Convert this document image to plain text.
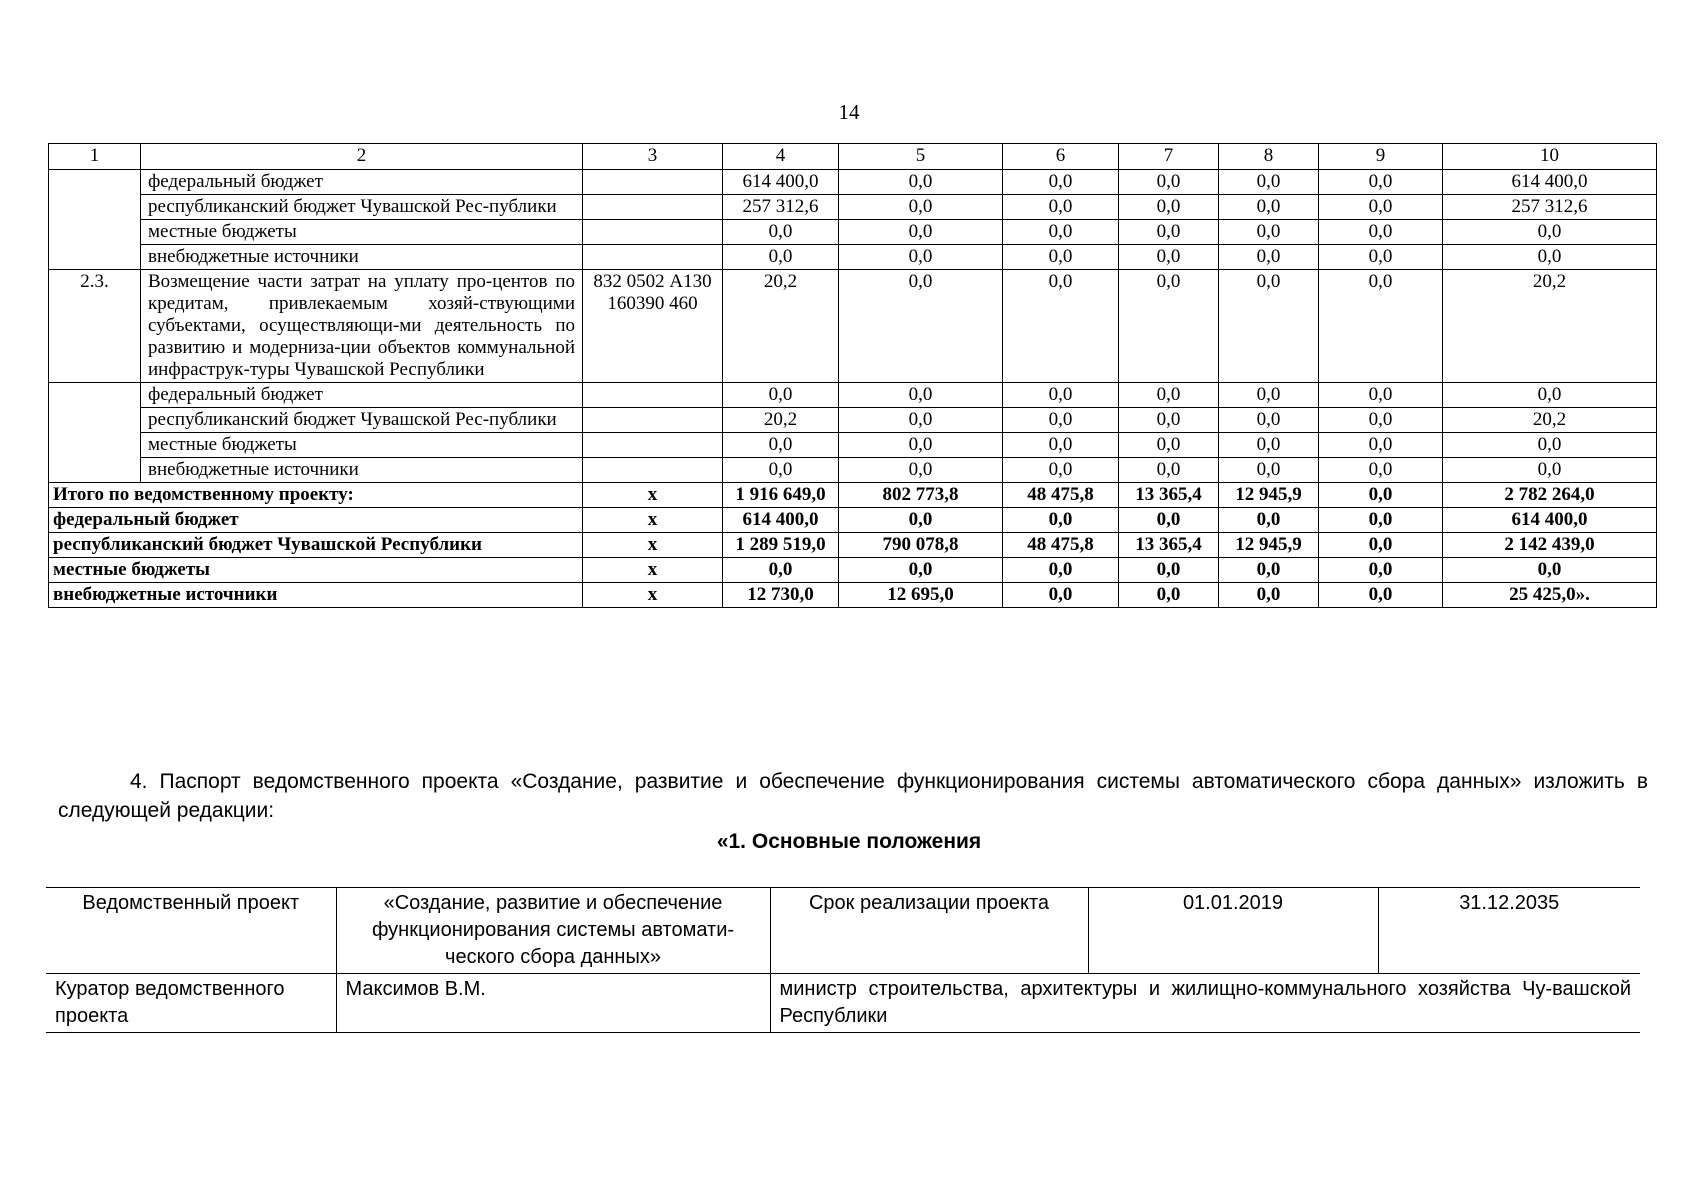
14
1	2	3	4	5	6	7	8	9	10
	федеральный бюджет		614 400,0	0,0	0,0	0,0	0,0	0,0	614 400,0
	республиканский бюджет Чувашской Рес-публики		257 312,6	0,0	0,0	0,0	0,0	0,0	257 312,6
	местные бюджеты		0,0	0,0	0,0	0,0	0,0	0,0	0,0
	внебюджетные источники		0,0	0,0	0,0	0,0	0,0	0,0	0,0
2.3.	Возмещение части затрат на уплату про-центов по кредитам, привлекаемым хозяй-ствующими субъектами, осуществляющи-ми деятельность по развитию и модерниза-ции объектов коммунальной инфраструк-туры Чувашской Республики	832 0502 А130160390 460	20,2	0,0	0,0	0,0	0,0	0,0	20,2
	федеральный бюджет		0,0	0,0	0,0	0,0	0,0	0,0	0,0
	республиканский бюджет Чувашской Рес-публики		20,2	0,0	0,0	0,0	0,0	0,0	20,2
	местные бюджеты		0,0	0,0	0,0	0,0	0,0	0,0	0,0
	внебюджетные источники		0,0	0,0	0,0	0,0	0,0	0,0	0,0
Итого по ведомственному проекту:		х	1 916 649,0	802 773,8	48 475,8	13 365,4	12 945,9	0,0	2 782 264,0
федеральный бюджет		х	614 400,0	0,0	0,0	0,0	0,0	0,0	614 400,0
республиканский бюджет Чувашской Республики		х	1 289 519,0	790 078,8	48 475,8	13 365,4	12 945,9	0,0	2 142 439,0
местные бюджеты		х	0,0	0,0	0,0	0,0	0,0	0,0	0,0
внебюджетные источники		х	12 730,0	12 695,0	0,0	0,0	0,0	0,0	25 425,0».
4. Паспорт ведомственного проекта «Создание, развитие и обеспечение функционирования системы автоматического сбора данных» изложить в следующей редакции:
«1. Основные положения
Ведомственный проект	«Создание, развитие и обеспечение функционирования системы автомати-ческого сбора данных»	Срок реализации проекта	01.01.2019	31.12.2035
Куратор ведомственного проекта	Максимов В.М.	министр строительства, архитектуры и жилищно-коммунального хозяйства Чу-вашской Республики		
